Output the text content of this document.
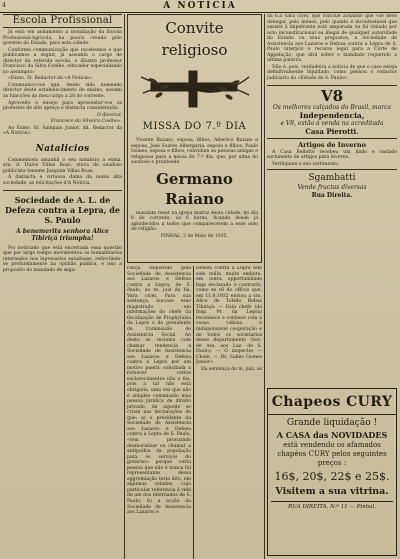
4	A NOTICIA
Escola Profissional

Já está em andamento a installação da Escola Profissional-Agricola, ha pouco creada pelo governo do Estado, para esta cidade.

Conforme communicação que recebemos e que publicamos a seguir, já assumiu o cargo de director da referida escola, o illustre professor Francisco da Silva Coelho, educador especialisado no assumpto:

«Exmo. Sr. Redactor da «A Noticia».

Communico-vos que, tendo sido nomeado director deste estabelecimento de ensino, assumi as funcções do meu cargo a 28 do corrente.

Aproveito o ensejo para apresentar-vos os protestos de alto apreço e distincta consideração.

O director,

Francisco da Silveira Coelho».

Ao Exmo. Sr. Sampaio Junior, dd. Redactor da «A Noticia».

Natalicios

Commemora amanhã o seu natalicio a exma. sra. d. Dulce Villas Boas, viuva do saudoso publicista tenente Joaquim Villas Boas.

A distincta e virtuosa dama da nossa alta sociedade, as felicitações d'A Noticia.

Sociedade de A. L. de Defeza contra a Lepra, de S. Paulo
A benemerita senhora Alice Tibiriçá triumpha!

Foi noticiado que está encerrada essa questão que por largo tempo movimentou os humanitarios internados nos leprosarios estaduaes, reflectindo-se profundamente na opinião publica, e isso a proposito do mandado de segu-

Convite religioso
MISSA DO 7.º DIA

Vicente Raiano, esposa, filhos, Alberico Raiano e esposa, José Soares Albergaria, esposa e filhos, Paulo Gomes, esposa e filhos, convidam as pessoas amigas e religiosas para a missa do 7.º dia, que, por alma do saudoso e pranteado

Germano Raiano

mandam rezar na igreja matriz desta cidade, no dia 6 do corrente, ás 8 horas, ficando desde já agradecidos a todos que comparecerem a esse acto de religião.

PINHAL, 2 de Maio de 1935.

rança requerido pela Sociedade de Assistencia aos Lazaros e Defesa contra a Lepra, de S. Paulo, ao m. juiz da 6a. Vara civel. Para sua sentença, louvase esse magistrado em informações do chefe da fiscalização de Prophylaxia da Lepra e do presidente da Commissão de Assistencia Social. Ao desto se reclama com chamar tendencia a Sociedade de Assistencia aos Lazaros e Defeza contra a Lepra por um motivo pueril: solicitada a fornecer certos esclarecimentos não o fez, pois a tal não está obrigada, uma vez que não é simples commissão mas pessoa juridica de direito privado, de aqueile se criam nas declarações de que: a) o presidente da Sociedade de Assistencia aos Lazaros e Defeza contra a Lepra de S. Paulo, «tem procurado desmoralizar ou chamar a antipathia da população para os serviços do governo» porque certa pessoa que não é nunca foi representante dessa aggremiação teria dito, em algumas cidades, cuja particular referencia á vida de um dos internados de S. Paulo; b) a acção da Sociedade de Assistencia aos Lazaros e

Defeza contra a Lepra tem sido nulla, muito embora, em outra opportunidade haja declarado o contrario, como se vê do officio que, em 11.6.1932 enviou a sra. Alice de Toledo Rebas Tibiriçá: — Esta chefe (da Insp. Pr. da Lepra) reconhece e conhece com a vossa valiosa e indispensavel cooperação e de todos os societarios desse departamento (Soc. de Ass. aos Laz. de S. Paulo). — O inspector — Chefe, — Dr. Salles Gomes Junior».

Da sentença do m. juiz, as

da 6.a Vara civel, que conclue achando que «se deve denegar, pelo menos, pelo quanto é incontestavel que assiste á impetrante está amparada ou foi violado por acto inconstitucional ou illegal de qualquer autoridade do Estado ou seus prepostos, a Sociedade de Assistencia aos Lazaros e Defeza contra a Lepra de S. Paulo interpôz o recurso legal para a Côrte de Appelação, que dirá sobre o mandado requerido a ultima palavra.

Não é, pois, verdadeira a noticia de que o caso esteja definitivamente liquidado, como pensou o redactor judiciario do «Estado de S. Paulo».

V8
Os melhores calçados do Brasil, marca
Independencia,
e V8, estão á venda na acreditada
Casa Pierotti.
Artigos de Inverno

A Casa Bellotto recebeu um lindo e variado sortimento de artigos para inverno.

Verifiquem o seu sortimento.

Sgambatti
Vende fructas diversas
Rua Direita.
Chapeos CURY
Grande liquidação !
A CASA das NOVIDADES
está vendendo os afamados chapéos CURY pelos seguintes preços :
16$, 20$, 22$ e 25$.
Visitem a sua vitrina.
RUA DIREITA, N.º 11 — Pinhal.
